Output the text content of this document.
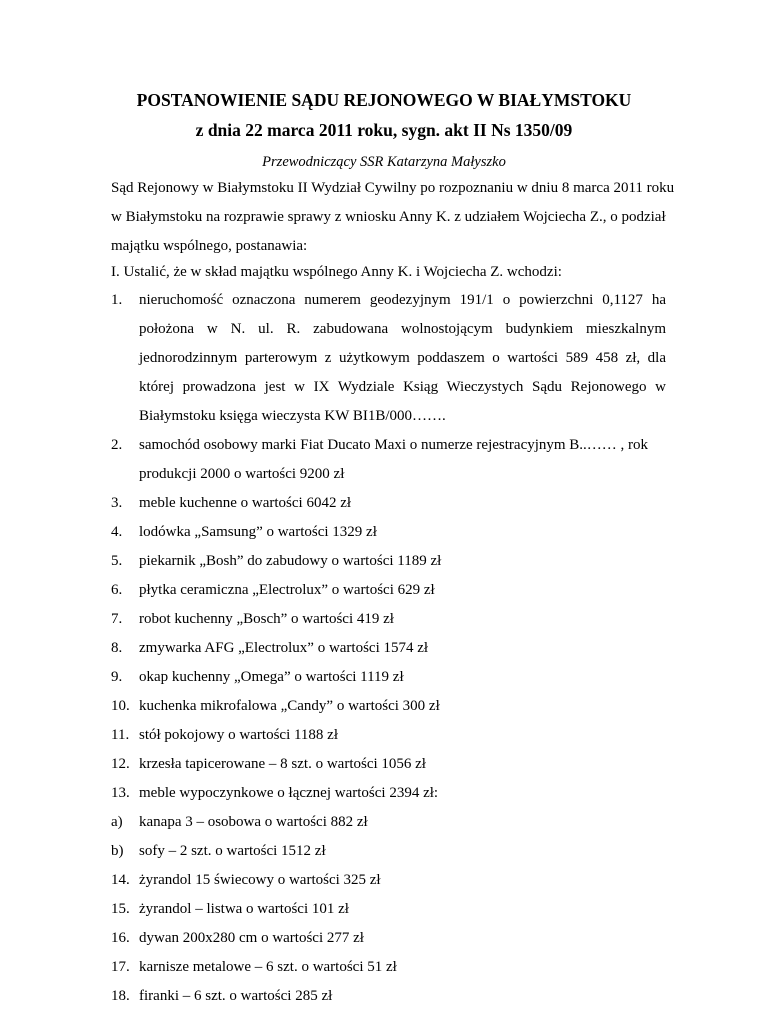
POSTANOWIENIE SĄDU REJONOWEGO W BIAŁYMSTOKU
z dnia 22 marca 2011 roku, sygn. akt II Ns 1350/09
Przewodniczący SSR Katarzyna Małyszko

Sąd Rejonowy w Białymstoku II Wydział Cywilny po rozpoznaniu w dniu 8 marca 2011 roku
w Białymstoku na rozprawie sprawy z wniosku Anny K. z udziałem Wojciecha Z., o podział
majątku wspólnego, postanawia:

I. Ustalić, że w skład majątku wspólnego Anny K. i Wojciecha Z. wchodzi:

1. nieruchomość oznaczona numerem geodezyjnym 191/1 o powierzchni 0,1127 ha
położona w N. ul. R. zabudowana wolnostojącym budynkiem mieszkalnym
jednorodzinnym parterowym z użytkowym poddaszem o wartości 589 458 zł, dla
której prowadzona jest w IX Wydziale Ksiąg Wieczystych Sądu Rejonowego w
Białymstoku księga wieczysta KW BI1B/000…….
2. samochód osobowy marki Fiat Ducato Maxi o numerze rejestracyjnym B..…… , rok
produkcji 2000 o wartości 9200 zł
3. meble kuchenne o wartości 6042 zł
4. lodówka „Samsung” o wartości 1329 zł
5. piekarnik „Bosh” do zabudowy o wartości 1189 zł
6. płytka ceramiczna „Electrolux” o wartości 629 zł
7. robot kuchenny „Bosch” o wartości 419 zł
8. zmywarka AFG „Electrolux” o wartości 1574 zł
9. okap kuchenny „Omega” o wartości 1119 zł
10. kuchenka mikrofalowa „Candy” o wartości 300 zł
11. stół pokojowy o wartości 1188 zł
12. krzesła tapicerowane – 8 szt. o wartości 1056 zł
13. meble wypoczynkowe o łącznej wartości 2394 zł:
a) kanapa 3 – osobowa o wartości 882 zł
b) sofy – 2 szt. o wartości 1512 zł
14. żyrandol 15 świecowy o wartości 325 zł
15. żyrandol – listwa o wartości 101 zł
16. dywan 200x280 cm o wartości 277 zł
17. karnisze metalowe – 6 szt. o wartości 51 zł
18. firanki – 6 szt. o wartości 285 zł
